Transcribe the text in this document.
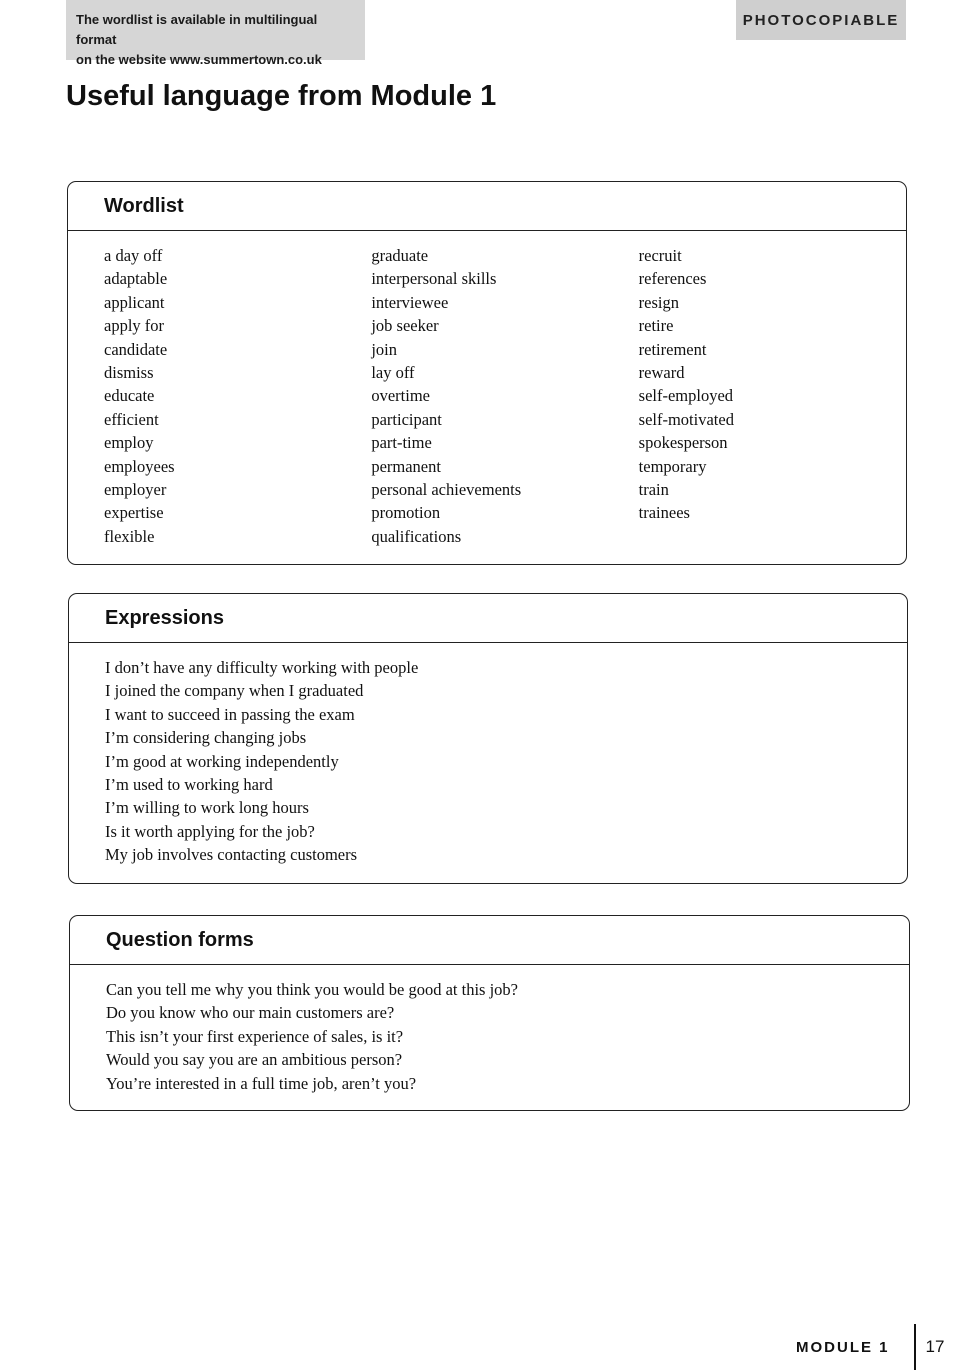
The wordlist is available in multilingual format
on the website www.summertown.co.uk
PHOTOCOPIABLE
Useful language from Module 1
Wordlist
a day off
adaptable
applicant
apply for
candidate
dismiss
educate
efficient
employ
employees
employer
expertise
flexible
graduate
interpersonal skills
interviewee
job seeker
join
lay off
overtime
participant
part-time
permanent
personal achievements
promotion
qualifications
recruit
references
resign
retire
retirement
reward
self-employed
self-motivated
spokesperson
temporary
train
trainees
Expressions
I don’t have any difficulty working with people
I joined the company when I graduated
I want to succeed in passing the exam
I’m considering changing jobs
I’m good at working independently
I’m used to working hard
I’m willing to work long hours
Is it worth applying for the job?
My job involves contacting customers
Question forms
Can you tell me why you think you would be good at this job?
Do you know who our main customers are?
This isn’t your first experience of sales, is it?
Would you say you are an ambitious person?
You’re interested in a full time job, aren’t you?
MODULE 1 17
